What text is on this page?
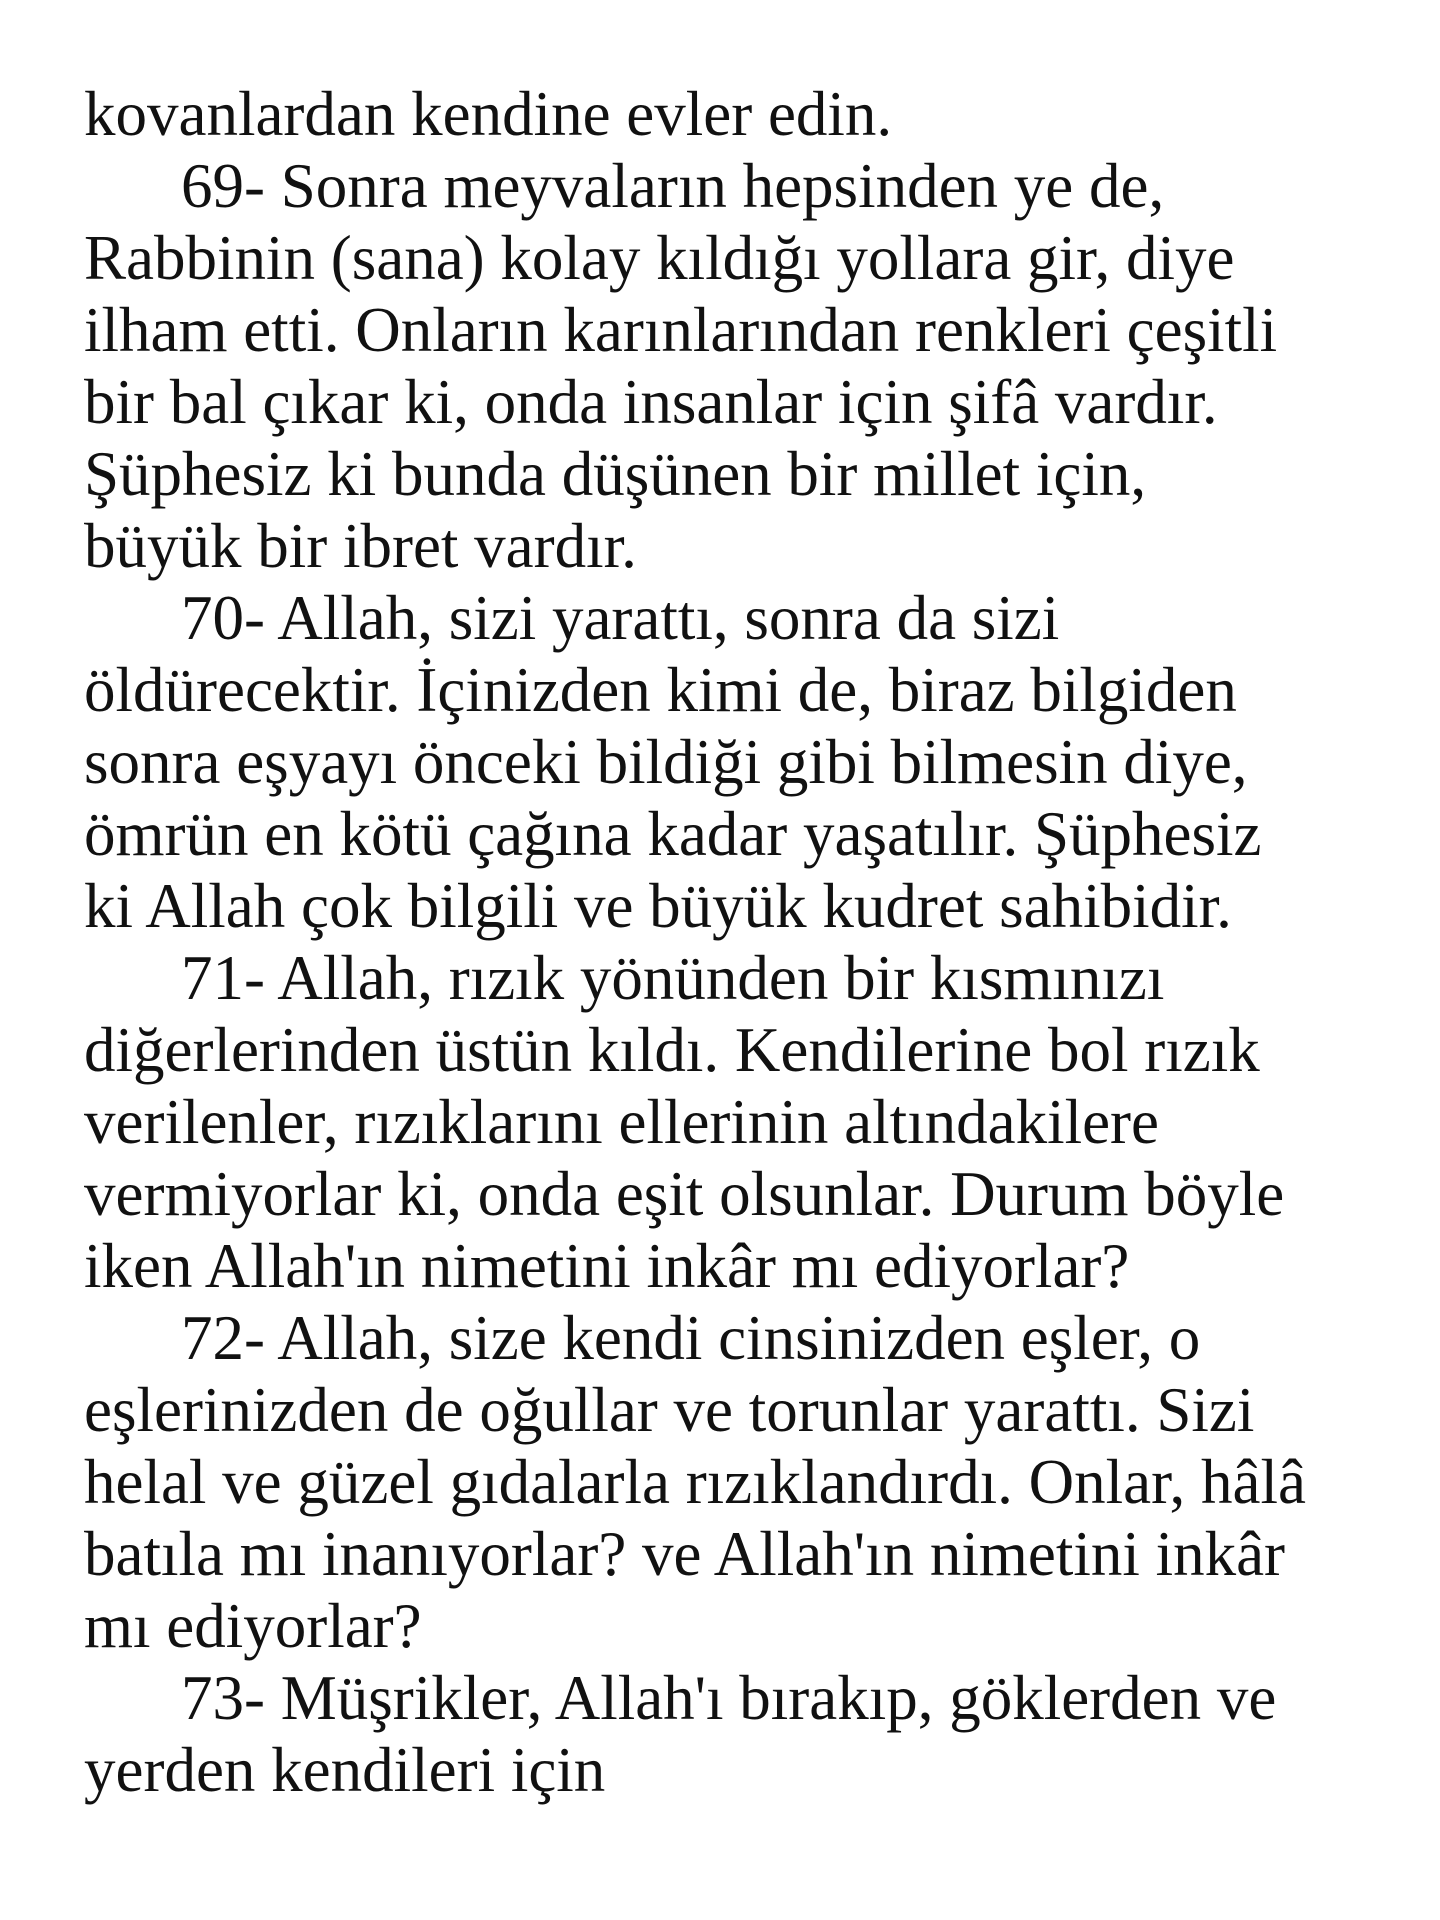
kovanlardan kendine evler edin.

69- Sonra meyvaların hepsinden ye de,

Rabbinin (sana) kolay kıldığı yollara gir, diye

ilham etti. Onların karınlarından renkleri çeşitli

bir bal çıkar ki, onda insanlar için şifâ vardır.

Şüphesiz ki bunda düşünen bir millet için,

büyük bir ibret vardır.

70- Allah, sizi yarattı, sonra da sizi

öldürecektir. İçinizden kimi de, biraz bilgiden

sonra eşyayı önceki bildiği gibi bilmesin diye,

ömrün en kötü çağına kadar yaşatılır. Şüphesiz

ki Allah çok bilgili ve büyük kudret sahibidir.

71- Allah, rızık yönünden bir kısmınızı

diğerlerinden üstün kıldı. Kendilerine bol rızık

verilenler, rızıklarını ellerinin altındakilere

vermiyorlar ki, onda eşit olsunlar. Durum böyle

iken Allah'ın nimetini inkâr mı ediyorlar?

72- Allah, size kendi cinsinizden eşler, o

eşlerinizden de oğullar ve torunlar yarattı. Sizi

helal ve güzel gıdalarla rızıklandırdı. Onlar, hâlâ

batıla mı inanıyorlar? ve Allah'ın nimetini inkâr

mı ediyorlar?

73- Müşrikler, Allah'ı bırakıp, göklerden ve

yerden kendileri için
